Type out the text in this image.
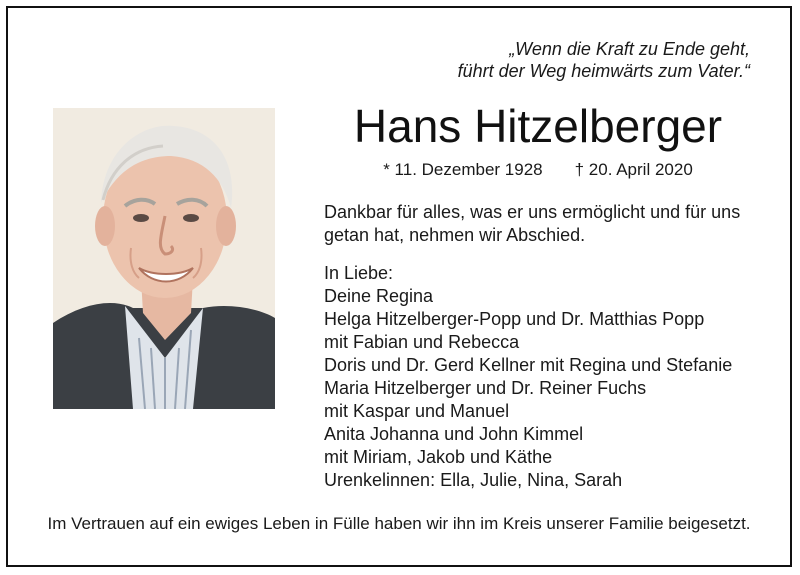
„Wenn die Kraft zu Ende geht,
führt der Weg heimwärts zum Vater.“
Hans Hitzelberger
* 11. Dezember 1928 † 20. April 2020
Dankbar für alles, was er uns ermöglicht und für uns
getan hat, nehmen wir Abschied.
In Liebe:
Deine Regina
Helga Hitzelberger-Popp und Dr. Matthias Popp
mit Fabian und Rebecca
Doris und Dr. Gerd Kellner mit Regina und Stefanie
Maria Hitzelberger und Dr. Reiner Fuchs
mit Kaspar und Manuel
Anita Johanna und John Kimmel
mit Miriam, Jakob und Käthe
Urenkelinnen: Ella, Julie, Nina, Sarah
Im Vertrauen auf ein ewiges Leben in Fülle haben wir ihn im Kreis unserer Familie beigesetzt.
